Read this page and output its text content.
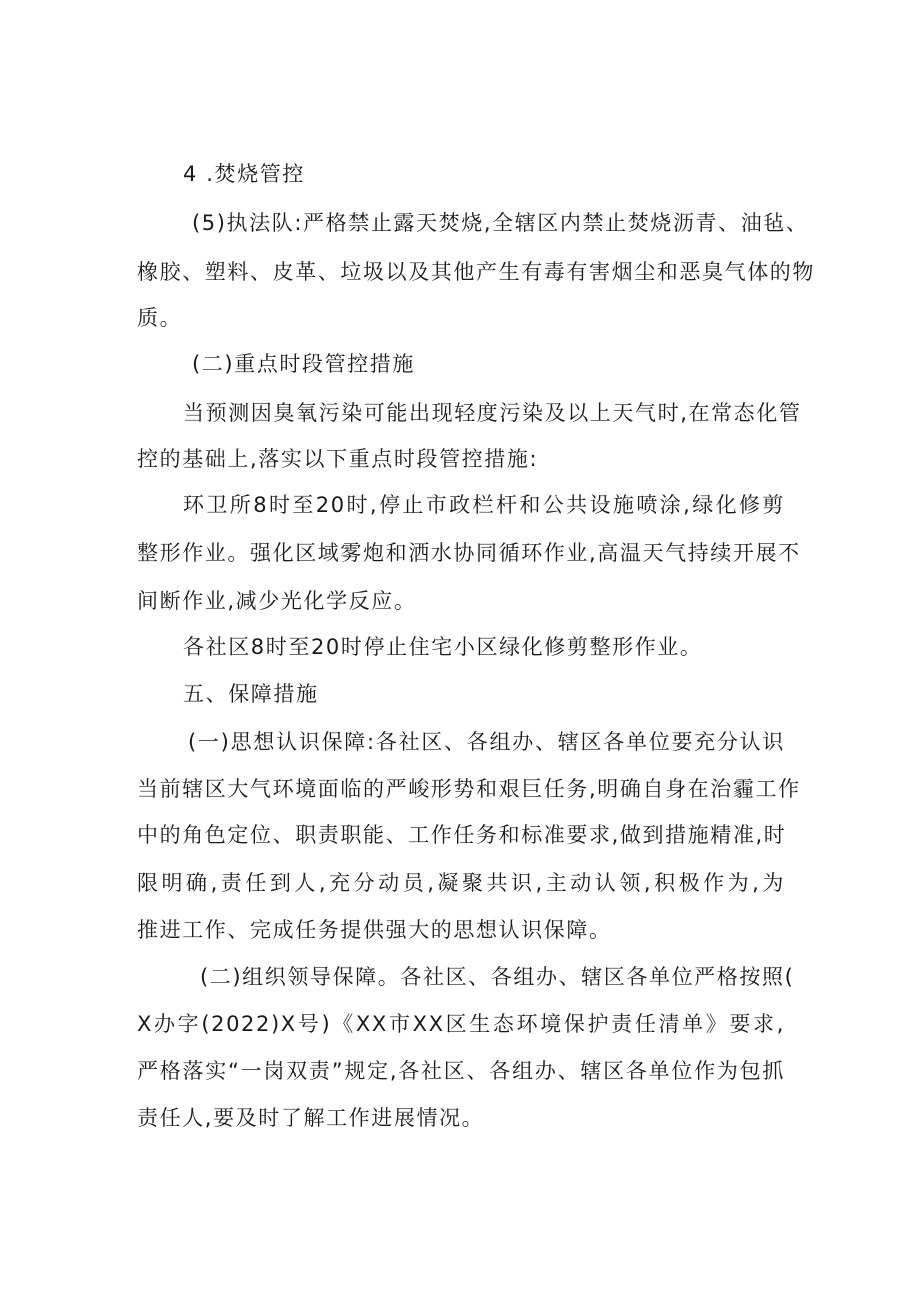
4 .焚烧管控
(5)执法队:严格禁止露天焚烧,全辖区内禁止焚烧沥青、油毡、
橡胶、塑料、皮革、垃圾以及其他产生有毒有害烟尘和恶臭气体的物
质。
(二)重点时段管控措施
当预测因臭氧污染可能出现轻度污染及以上天气时,在常态化管
控的基础上,落实以下重点时段管控措施:
环卫所8时至20时,停止市政栏杆和公共设施喷涂,绿化修剪
整形作业。强化区域雾炮和洒水协同循环作业,高温天气持续开展不
间断作业,减少光化学反应。
各社区8时至20时停止住宅小区绿化修剪整形作业。
五、保障措施
(一)思想认识保障:各社区、各组办、辖区各单位要充分认识
当前辖区大气环境面临的严峻形势和艰巨任务,明确自身在治霾工作
中的角色定位、职责职能、工作任务和标准要求,做到措施精准,时
限明确,责任到人,充分动员,凝聚共识,主动认领,积极作为,为
推进工作、完成任务提供强大的思想认识保障。
(二)组织领导保障。各社区、各组办、辖区各单位严格按照(
X办字(2022)X号)《XX市XX区生态环境保护责任清单》要求,
严格落实“一岗双责”规定,各社区、各组办、辖区各单位作为包抓
责任人,要及时了解工作进展情况。
